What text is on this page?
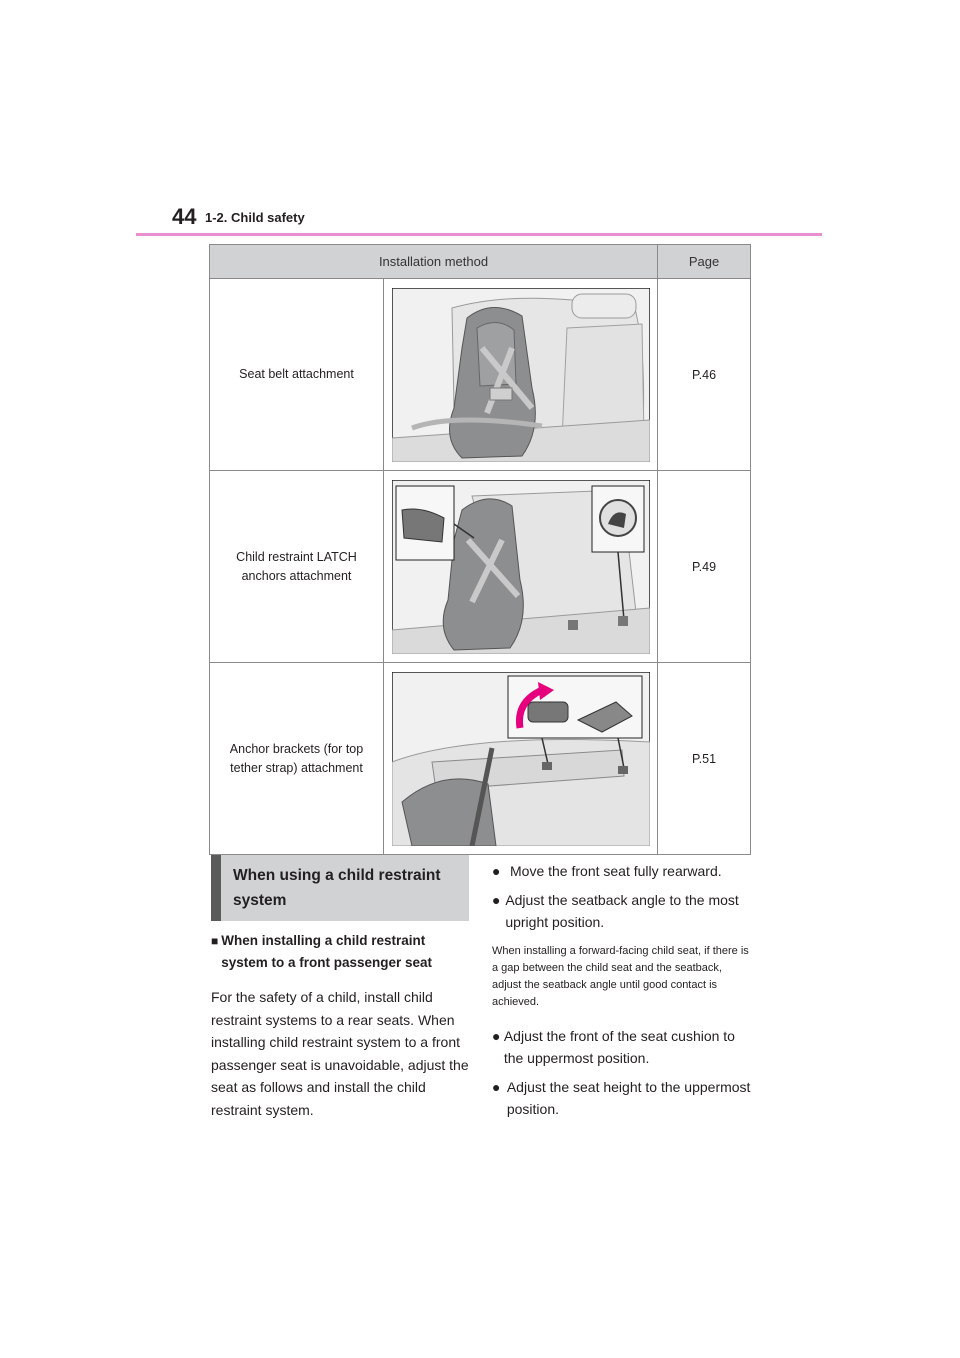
44 1-2. Child safety
Installation method		Page
Seat belt attachment		P.46
Child restraint LATCH anchors attachment		P.49
Anchor brackets (for top tether strap) attachment		P.51
When using a child restraint system
■ When installing a child restraint system to a front passenger seat
For the safety of a child, install child restraint systems to a rear seats. When installing child restraint system to a front passenger seat is unavoidable, adjust the seat as follows and install the child restraint system.
● Move the front seat fully rearward.
● Adjust the seatback angle to the most upright position.
When installing a forward-facing child seat, if there is a gap between the child seat and the seatback, adjust the seatback angle until good contact is achieved.
● Adjust the front of the seat cushion to the uppermost position.
● Adjust the seat height to the uppermost position.
